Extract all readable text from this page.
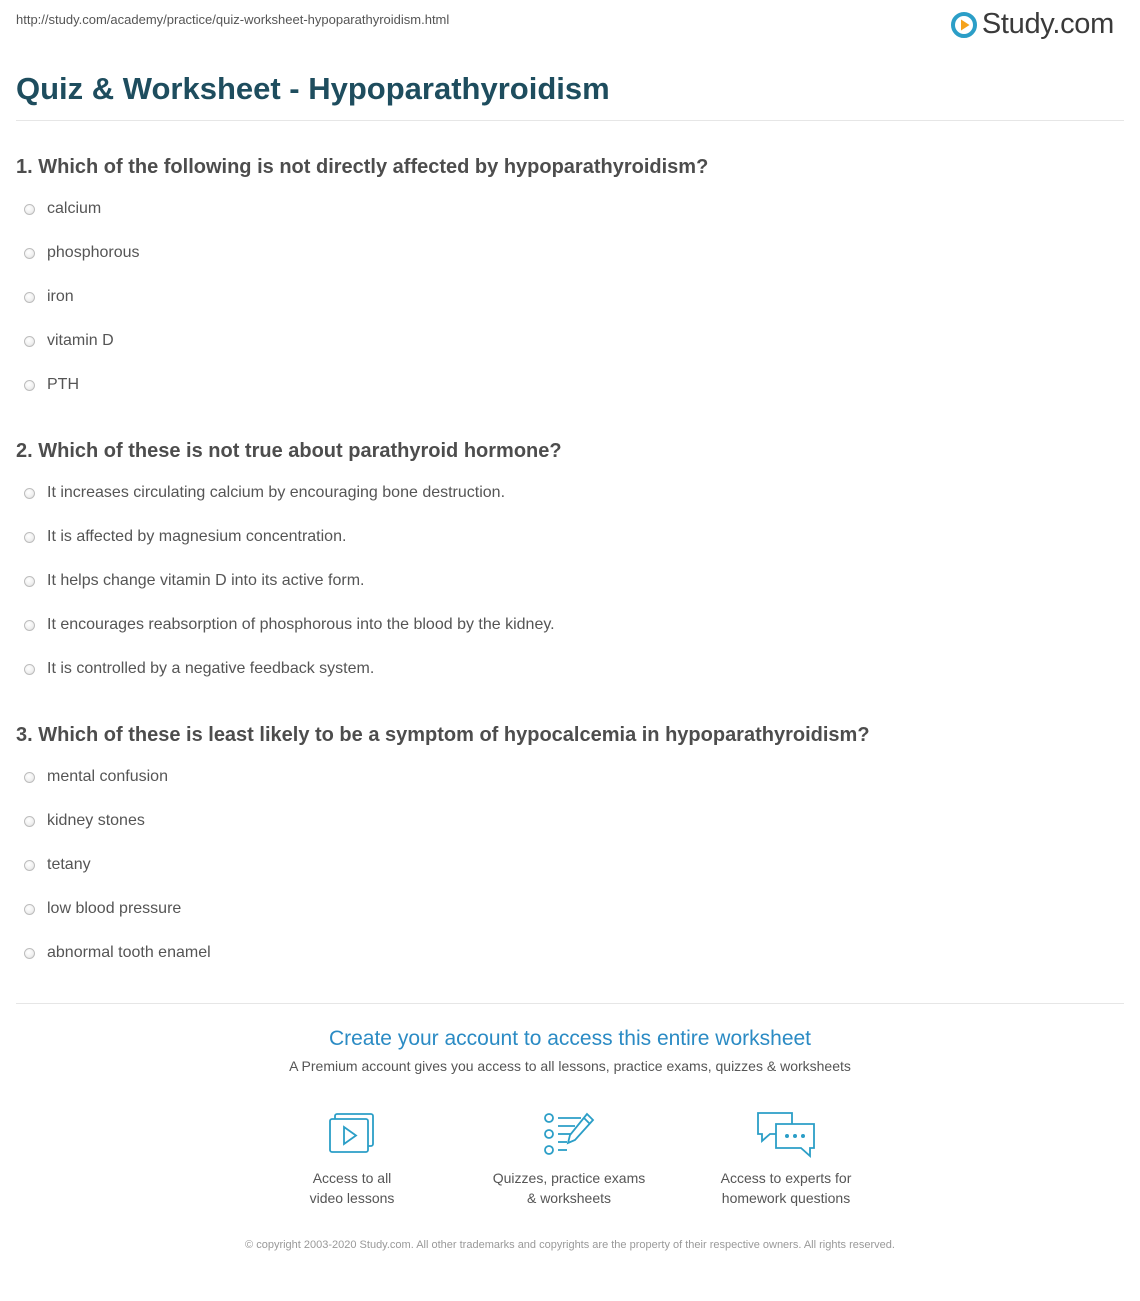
http://study.com/academy/practice/quiz-worksheet-hypoparathyroidism.html	Study.com
Quiz & Worksheet - Hypoparathyroidism
1. Which of the following is not directly affected by hypoparathyroidism?
calcium
phosphorous
iron
vitamin D
PTH
2. Which of these is not true about parathyroid hormone?
It increases circulating calcium by encouraging bone destruction.
It is affected by magnesium concentration.
It helps change vitamin D into its active form.
It encourages reabsorption of phosphorous into the blood by the kidney.
It is controlled by a negative feedback system.
3. Which of these is least likely to be a symptom of hypocalcemia in hypoparathyroidism?
mental confusion
kidney stones
tetany
low blood pressure
abnormal tooth enamel
Create your account to access this entire worksheet
A Premium account gives you access to all lessons, practice exams, quizzes & worksheets
Access to all
video lessons
Quizzes, practice exams
& worksheets
Access to experts for
homework questions
© copyright 2003-2020 Study.com. All other trademarks and copyrights are the property of their respective owners. All rights reserved.
